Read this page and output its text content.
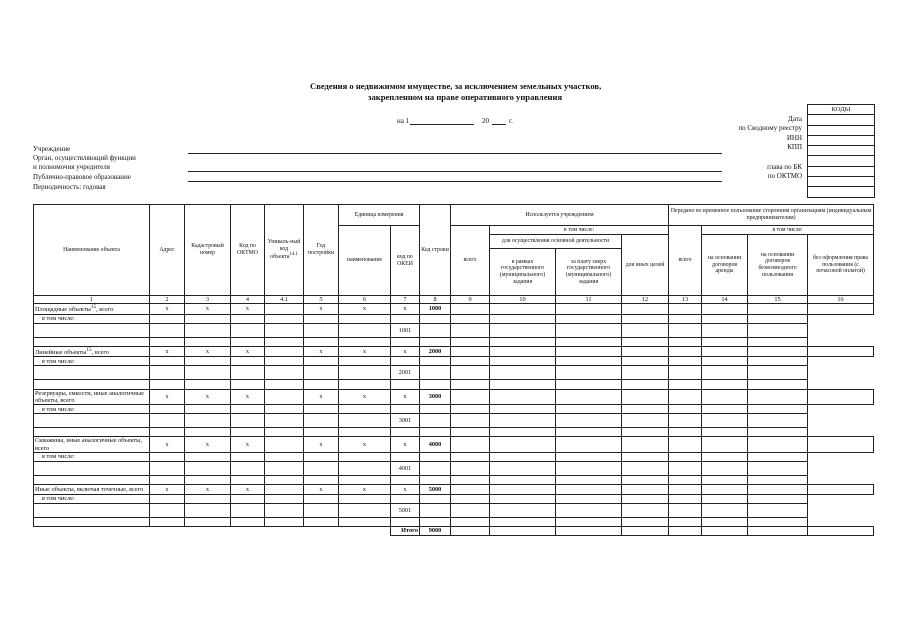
Сведения о недвижимом имуществе, за исключением земельных участков,
закрепленном на праве оперативного управления
на 1	20	г.
Учреждение
Орган, осуществляющий функции
и полномочия учредителя
Публично-правовое образование
Периодичность: годовая
Дата
по Сводному реестру
ИНН
КПП
глава по БК
по ОКТМО
КОДЫ

Наименование объекта	Адрес	Кадастровый номер	Код по ОКТМО	Уникаль-ный код объекта$^{14.1}$	Год постройки	Единица измерения		Код строки	Используется учреждением				Передано во временное пользование сторонним организациям (индивидуальным предпринимателям)			
						наименование	код по ОКЕИ		всего	в том числе:			всего	в том числе:		
										для осуществления основной деятельности		для иных целей		на основании договоров аренды	на основании договоров безвозмездного пользования	без оформления права пользования (с почасовой оплатой)
										в рамках государственного (муниципального) задания	за плату сверх государственного (муниципального) задания					
1	2	3	4	4.1	5	6	7	8	9	10	11	12	13	14	15	16
Площадные объекты$^{15}$, всего	x	x	x		x	x	x	1000								
в том числе:																
							1001									

Линейные объекты$^{15}$, всего	x	x	x		x	x	x	2000								
в том числе:																
							2001									

Резервуары, емкости, иные аналогичные объекты, всего	x	x	x		x	x	x	3000								
в том числе:																
							3001									

Скважины, иные аналогичные объекты, всего	x	x	x		x	x	x	4000								
в том числе:																
							4001									

Иные объекты, включая точечные, всего	x	x	x		x	x	x	5000								
в том числе:																
							5001									

							Итого	9000								
